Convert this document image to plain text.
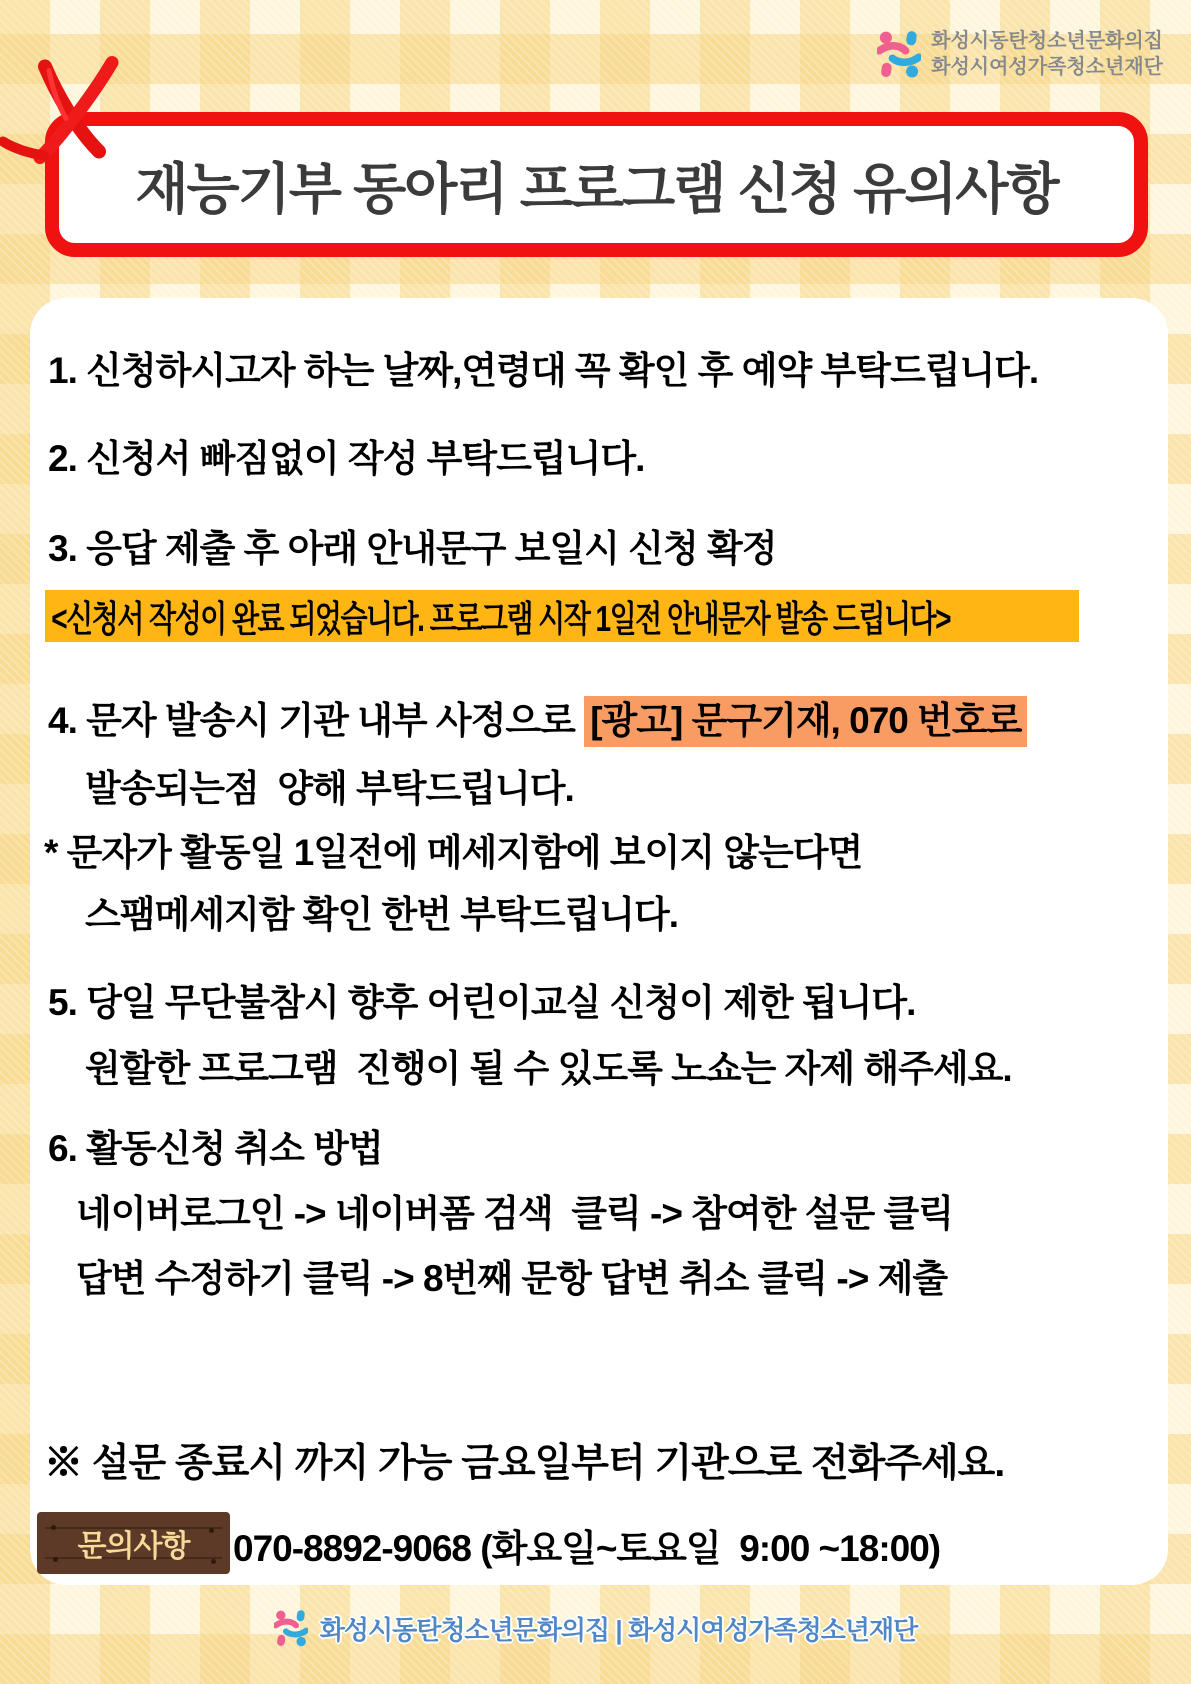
화성시동탄청소년문화의집
화성시여성가족청소년재단
재능기부 동아리 프로그램 신청 유의사항
1. 신청하시고자 하는 날짜,연령대 꼭 확인 후 예약 부탁드립니다.
2. 신청서 빠짐없이 작성 부탁드립니다.
3. 응답 제출 후 아래 안내문구 보일시 신청 확정
<신청서 작성이 완료 되었습니다. 프로그램 시작 1일전 안내문자 발송 드립니다>
4. 문자 발송시 기관 내부 사정으로 [광고] 문구기재, 070 번호로
발송되는점  양해 부탁드립니다.
* 문자가 활동일 1일전에 메세지함에 보이지 않는다면
스팸메세지함 확인 한번 부탁드립니다.
5. 당일 무단불참시 향후 어린이교실 신청이 제한 됩니다.
원할한 프로그램  진행이 될 수 있도록 노쇼는 자제 해주세요.
6. 활동신청 취소 방법
네이버로그인 -> 네이버폼 검색  클릭 -> 참여한 설문 클릭
답변 수정하기 클릭 -> 8번째 문항 답변 취소 클릭 -> 제출
※ 설문 종료시 까지 가능 금요일부터 기관으로 전화주세요.
문의사항 070-8892-9068 (화요일~토요일  9:00 ~18:00)
화성시동탄청소년문화의집 | 화성시여성가족청소년재단
